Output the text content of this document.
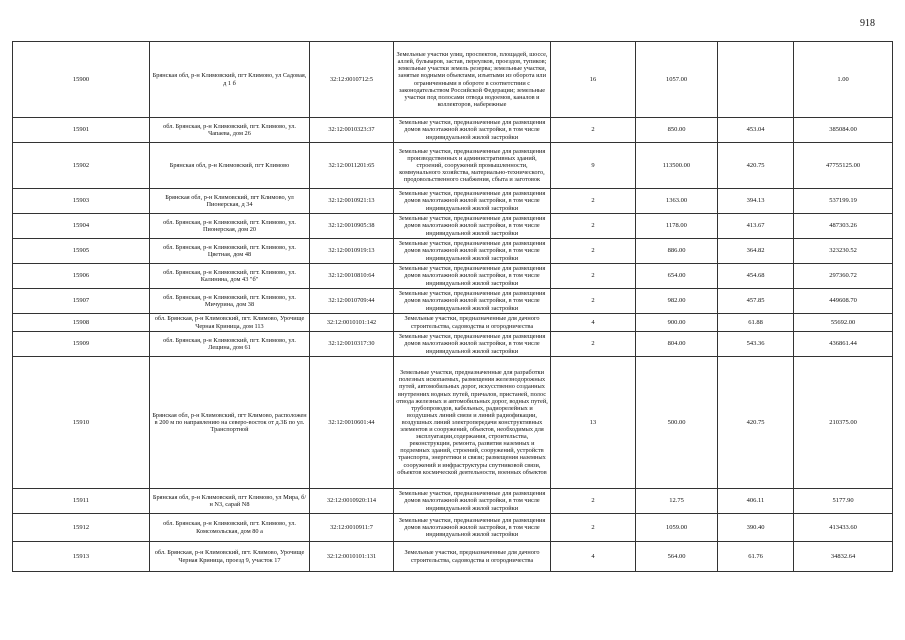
918
15900	Брянская обл, р-н Климовский, пгт Климово, ул Садовая, д 1 б	32:12:0010712:5	Земельные участки улиц, проспектов, площадей, шоссе, аллей, бульваров, застав, переулков, проездов, тупиков; земельные участки земель резерва; земельные участки, занятые водными объектами, изъятыми из оборота или ограниченными в обороте в соответствии с законодательством Российской Федерации; земельные участки под полосами отвода водоемов, каналов и коллекторов, набережные	16	1057.00		1.00
15901	обл. Брянская, р-н Климовский, пгт. Климово, ул. Чапаева, дом 26	32:12:0010323:37	Земельные участки, предназначенные для размещения домов малоэтажной жилой застройки, в том числе индивидуальной жилой застройки	2	850.00	453.04	385084.00
15902	Брянская обл, р-н Климовский, пгт Климово	32:12:0011201:65	Земельные участки, предназначенные для размещения производственных и административных зданий, строений, сооружений промышленности, коммунального хозяйства, материально-технического, продовольственного снабжения, сбыта и заготовок	9	113500.00	420.75	47755125.00
15903	Брянская обл, р-н Климовский, пгт Климово, ул Пионерская, д 34	32:12:0010921:13	Земельные участки, предназначенные для размещения домов малоэтажной жилой застройки, в том числе индивидуальной жилой застройки	2	1363.00	394.13	537199.19
15904	обл. Брянская, р-н Климовский, пгт. Климово, ул. Пионерская, дом 20	32:12:0010905:38	Земельные участки, предназначенные для размещения домов малоэтажной жилой застройки, в том числе индивидуальной жилой застройки	2	1178.00	413.67	487303.26
15905	обл. Брянская, р-н Климовский, пгт. Климово, ул. Цветная, дом 48	32:12:0010919:13	Земельные участки, предназначенные для размещения домов малоэтажной жилой застройки, в том числе индивидуальной жилой застройки	2	886.00	364.82	323230.52
15906	обл. Брянская, р-н Климовский, пгт. Климово, ул. Калинина, дом 43 "б"	32:12:0010810:64	Земельные участки, предназначенные для размещения домов малоэтажной жилой застройки, в том числе индивидуальной жилой застройки	2	654.00	454.68	297360.72
15907	обл. Брянская, р-н Климовский, пгт. Климово, ул. Мичурина, дом 38	32:12:0010709:44	Земельные участки, предназначенные для размещения домов малоэтажной жилой застройки, в том числе индивидуальной жилой застройки	2	982.00	457.85	449608.70
15908	обл. Брянская, р-н Климовский, пгт. Климово, Урочище Черная Криница, дом 113	32:12:0010101:142	Земельные участки, предназначенные для дачного строительства, садоводства и огородничества	4	900.00	61.88	55692.00
15909	обл. Брянская, р-н Климовский, пгт. Климово, ул. Лещина, дом 61	32:12:0010317:30	Земельные участки, предназначенные для размещения домов малоэтажной жилой застройки, в том числе индивидуальной жилой застройки	2	804.00	543.36	436861.44
15910	Брянская обл, р-н Климовский, пгт Климово, расположен в 200 м по направлению на северо-восток от д.3Б по ул. Транспортной	32:12:0010601:44	Земельные участки, предназначенные для разработки полезных ископаемых, размещения железнодорожных путей, автомобильных дорог, искусственно созданных внутренних водных путей, причалов, пристаней, полос отвода железных и автомобильных дорог, водных путей, трубопроводов, кабельных, радиорелейных и воздушных линий связи и линий радиофикации, воздушных линий электропередачи конструктивных элементов и сооружений, объектов, необходимых для эксплуатации,содержания, строительства, реконструкции, ремонта, развития наземных и подземных зданий, строений, сооружений, устройств транспорта, энергетики и связи; размещения наземных сооружений и инфраструктуры спутниковой связи, объектов космической деятельности, военных объектов	13	500.00	420.75	210375.00
15911	Брянская обл, р-н Климовский, пгт Климово, ул Мира, б/н N3, сарай N8	32:12:0010920:114	Земельные участки, предназначенные для размещения домов малоэтажной жилой застройки, в том числе индивидуальной жилой застройки	2	12.75	406.11	5177.90
15912	обл. Брянская, р-н Климовский, пгт. Климово, ул. Комсомольская, дом 80 а	32:12:0010911:7	Земельные участки, предназначенные для размещения домов малоэтажной жилой застройки, в том числе индивидуальной жилой застройки	2	1059.00	390.40	413433.60
15913	обл. Брянская, р-н Климовский, пгт. Климово, Урочище Черная Криница, проезд 9, участок 17	32:12:0010101:131	Земельные участки, предназначенные для дачного строительства, садоводства и огородничества	4	564.00	61.76	34832.64
